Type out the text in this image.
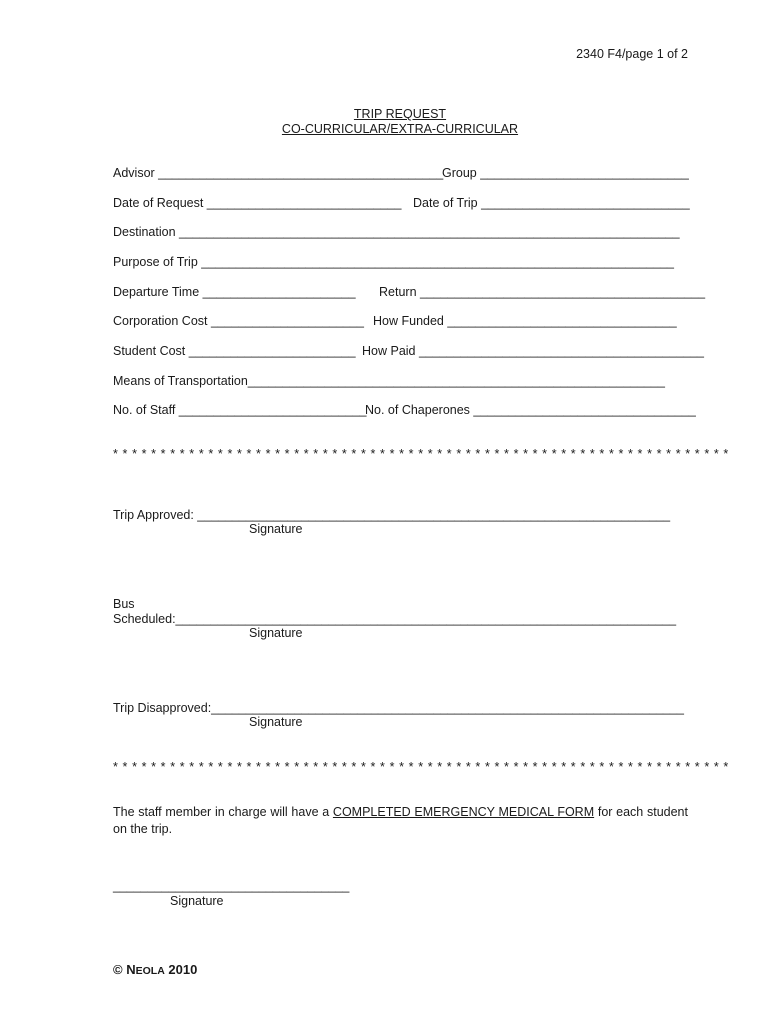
2340 F4/page 1 of 2
TRIP REQUEST
CO-CURRICULAR/EXTRA-CURRICULAR
Advisor _________________________________________
Group ______________________________
Date of Request ____________________________ Date of Trip ______________________________
Destination ________________________________________________________________________
Purpose of Trip ____________________________________________________________________
Departure Time ______________________ Return _________________________________________
Corporation Cost ______________________ How Funded _________________________________
Student Cost ________________________ How Paid _________________________________________
Means of Transportation____________________________________________________________
No. of Staff ___________________________
No. of Chaperones ________________________________
* * * * * * * * * * * * * * * * * * * * * * * * * * * * * * * * * * * * * * * * * * * * * * * * * * * * * * * * * * * * * * * * *
Trip Approved: ____________________________________________________________________
Signature
Bus
Scheduled:________________________________________________________________________
Signature
Trip Disapproved:____________________________________________________________________
Signature
* * * * * * * * * * * * * * * * * * * * * * * * * * * * * * * * * * * * * * * * * * * * * * * * * * * * * * * * * * * * * * * * *
The staff member in charge will have a COMPLETED EMERGENCY MEDICAL FORM for each student on the trip.
__________________________________
Signature
© NEOLA 2010
